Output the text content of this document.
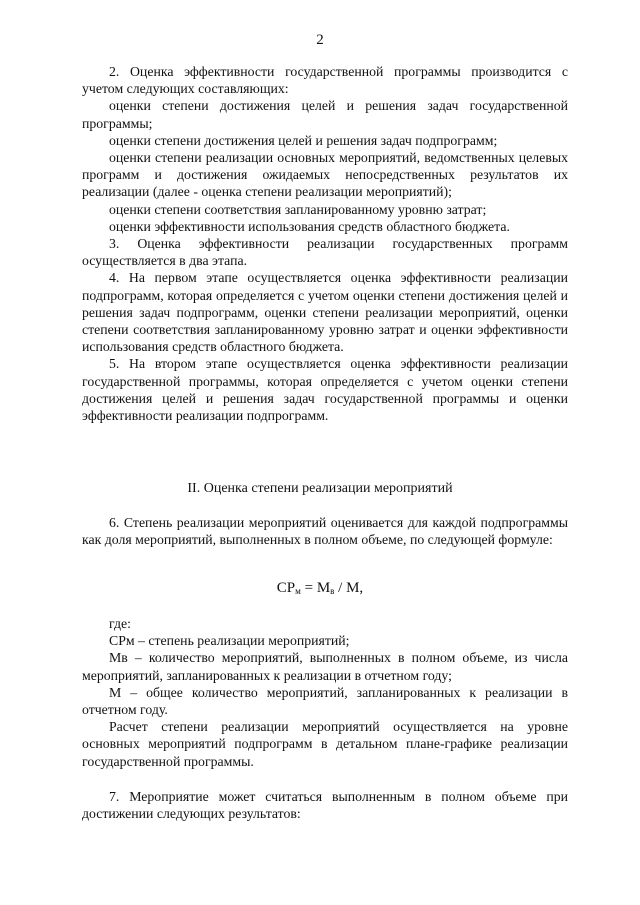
2

2. Оценка эффективности государственной программы производится с учетом следующих составляющих:

оценки степени достижения целей и решения задач государственной программы;

оценки степени достижения целей и решения задач подпрограмм;

оценки степени реализации основных мероприятий, ведомственных целевых программ и достижения ожидаемых непосредственных результатов их реализации (далее - оценка степени реализации мероприятий);

оценки степени соответствия запланированному уровню затрат;

оценки эффективности использования средств областного бюджета.

3. Оценка эффективности реализации государственных программ осуществляется в два этапа.

4. На первом этапе осуществляется оценка эффективности реализации подпрограмм, которая определяется с учетом оценки степени достижения целей и решения задач подпрограмм, оценки степени реализации мероприятий, оценки степени соответствия запланированному уровню затрат и оценки эффективности использования средств областного бюджета.

5. На втором этапе осуществляется оценка эффективности реализации государственной программы, которая определяется с учетом оценки степени достижения целей и решения задач государственной программы и оценки эффективности реализации подпрограмм.

II. Оценка степени реализации мероприятий

6. Степень реализации мероприятий оценивается для каждой подпрограммы как доля мероприятий, выполненных в полном объеме, по следующей формуле:

$СР_м = М_в / М$,

где:

СРм – степень реализации мероприятий;

Мв – количество мероприятий, выполненных в полном объеме, из числа мероприятий, запланированных к реализации в отчетном году;

М – общее количество мероприятий, запланированных к реализации в отчетном году.

Расчет степени реализации мероприятий осуществляется на уровне основных мероприятий подпрограмм в детальном плане-графике реализации государственной программы.

7. Мероприятие может считаться выполненным в полном объеме при достижении следующих результатов:
